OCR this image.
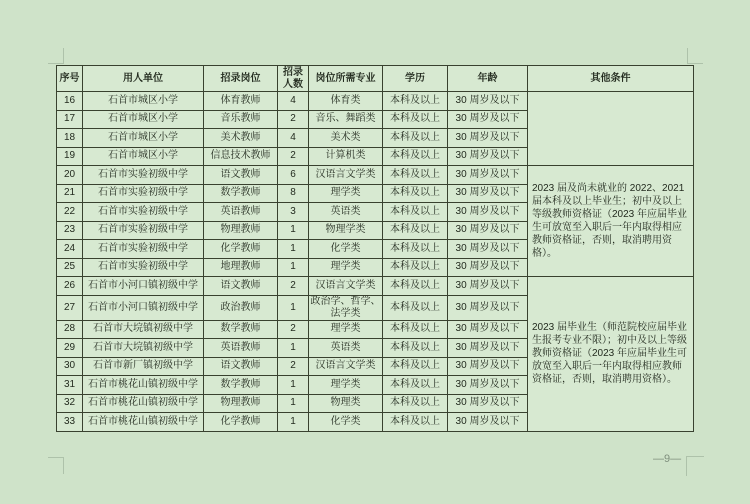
序号	用人单位	招录岗位	招录人数	岗位所需专业	学历	年龄	其他条件
16	石首市城区小学	体育教师	4	体育类	本科及以上	30 周岁及以下	
17	石首市城区小学	音乐教师	2	音乐、舞蹈类	本科及以上	30 周岁及以下	
18	石首市城区小学	美术教师	4	美术类	本科及以上	30 周岁及以下	
19	石首市城区小学	信息技术教师	2	计算机类	本科及以上	30 周岁及以下	
20	石首市实验初级中学	语文教师	6	汉语言文学类	本科及以上	30 周岁及以下	2023 届及尚未就业的 2022、2021 届本科及以上毕业生；初中及以上等级教师资格证（2023 年应届毕业生可放宽至入职后一年内取得相应教师资格证，否则，取消聘用资格）。
21	石首市实验初级中学	数学教师	8	理学类	本科及以上	30 周岁及以下	
22	石首市实验初级中学	英语教师	3	英语类	本科及以上	30 周岁及以下	
23	石首市实验初级中学	物理教师	1	物理学类	本科及以上	30 周岁及以下	
24	石首市实验初级中学	化学教师	1	化学类	本科及以上	30 周岁及以下	
25	石首市实验初级中学	地理教师	1	理学类	本科及以上	30 周岁及以下	
26	石首市小河口镇初级中学	语文教师	2	汉语言文学类	本科及以上	30 周岁及以下	2023 届毕业生（师范院校应届毕业生报考专业不限）；初中及以上等级教师资格证（2023 年应届毕业生可放宽至入职后一年内取得相应教师资格证，否则，取消聘用资格）。
27	石首市小河口镇初级中学	政治教师	1	政治学、哲学、法学类	本科及以上	30 周岁及以下	
28	石首市大垸镇初级中学	数学教师	2	理学类	本科及以上	30 周岁及以下	
29	石首市大垸镇初级中学	英语教师	1	英语类	本科及以上	30 周岁及以下	
30	石首市新厂镇初级中学	语文教师	2	汉语言文学类	本科及以上	30 周岁及以下	
31	石首市桃花山镇初级中学	数学教师	1	理学类	本科及以上	30 周岁及以下	
32	石首市桃花山镇初级中学	物理教师	1	物理类	本科及以上	30 周岁及以下	
33	石首市桃花山镇初级中学	化学教师	1	化学类	本科及以上	30 周岁及以下	
—9—
